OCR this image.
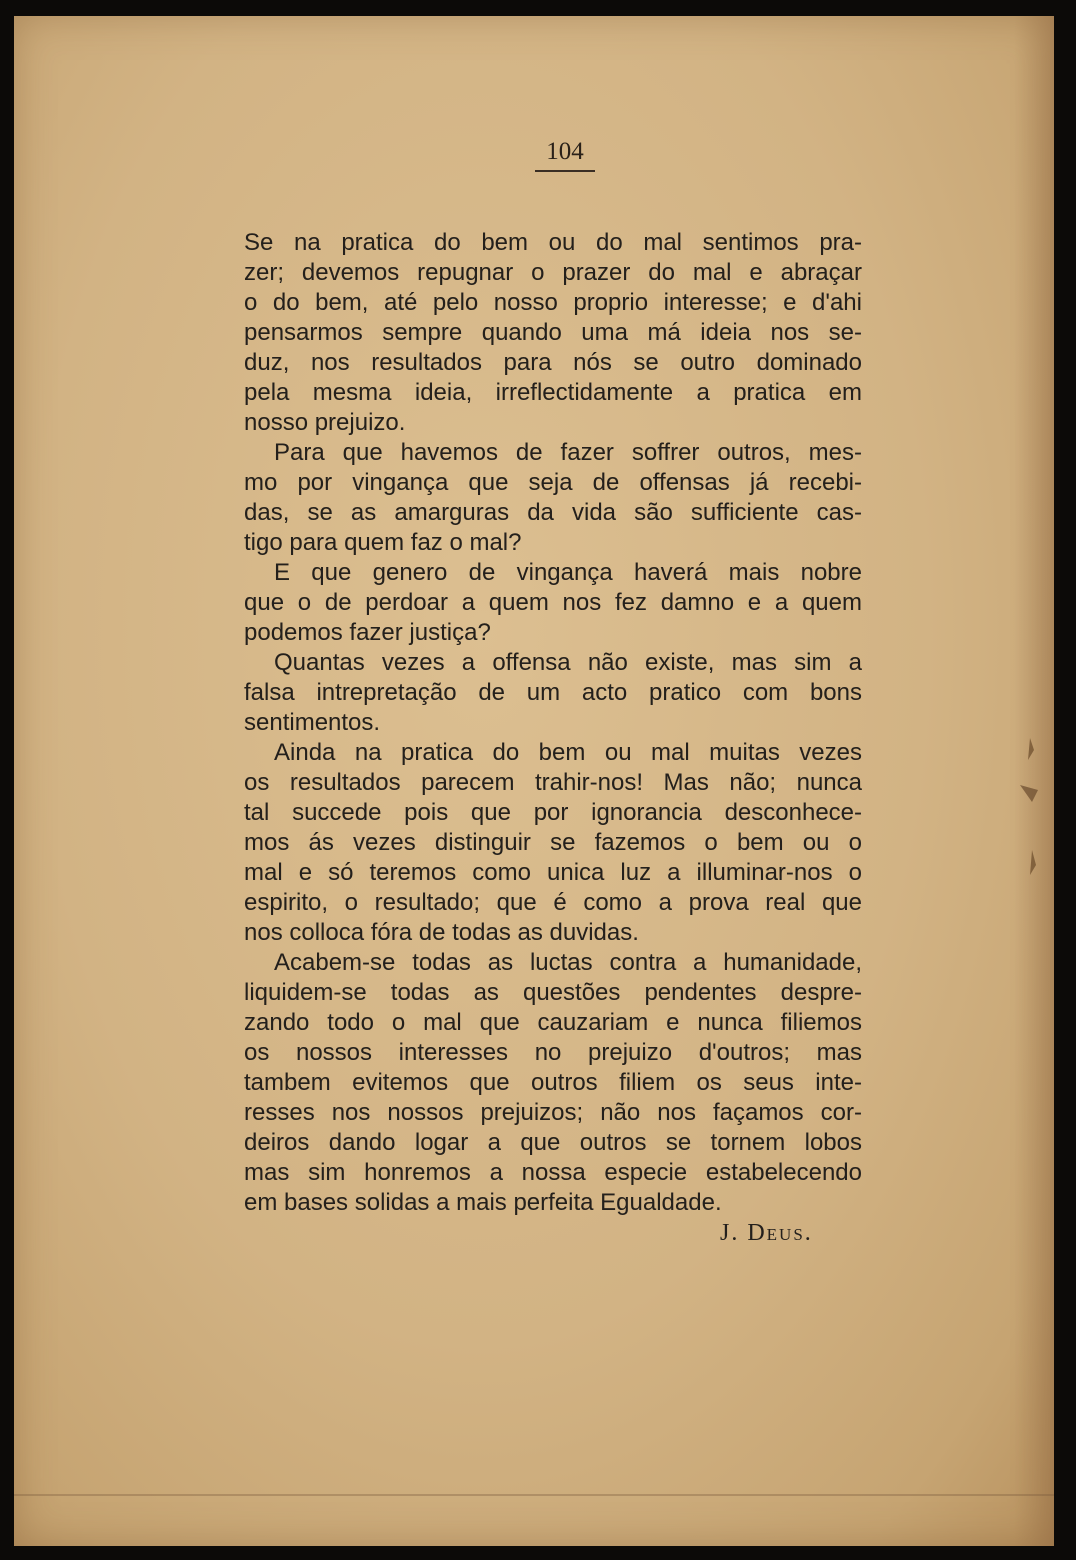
104
Se na pratica do bem ou do mal sentimos pra-
zer; devemos repugnar o prazer do mal e abraçar
o do bem, até pelo nosso proprio interesse; e d'ahi
pensarmos sempre quando uma má ideia nos se-
duz, nos resultados para nós se outro dominado
pela mesma ideia, irreflectidamente a pratica em
nosso prejuizo.
Para que havemos de fazer soffrer outros, mes-
mo por vingança que seja de offensas já recebi-
das, se as amarguras da vida são sufficiente cas-
tigo para quem faz o mal?
E que genero de vingança haverá mais nobre
que o de perdoar a quem nos fez damno e a quem
podemos fazer justiça?
Quantas vezes a offensa não existe, mas sim a
falsa intrepretação de um acto pratico com bons
sentimentos.
Ainda na pratica do bem ou mal muitas vezes
os resultados parecem trahir-nos! Mas não; nunca
tal succede pois que por ignorancia desconhece-
mos ás vezes distinguir se fazemos o bem ou o
mal e só teremos como unica luz a illuminar-nos o
espirito, o resultado; que é como a prova real que
nos colloca fóra de todas as duvidas.
Acabem-se todas as luctas contra a humanidade,
liquidem-se todas as questões pendentes despre-
zando todo o mal que cauzariam e nunca filiemos
os nossos interesses no prejuizo d'outros; mas
tambem evitemos que outros filiem os seus inte-
resses nos nossos prejuizos; não nos façamos cor-
deiros dando logar a que outros se tornem lobos
mas sim honremos a nossa especie estabelecendo
em bases solidas a mais perfeita Egualdade.
J. Deus.
